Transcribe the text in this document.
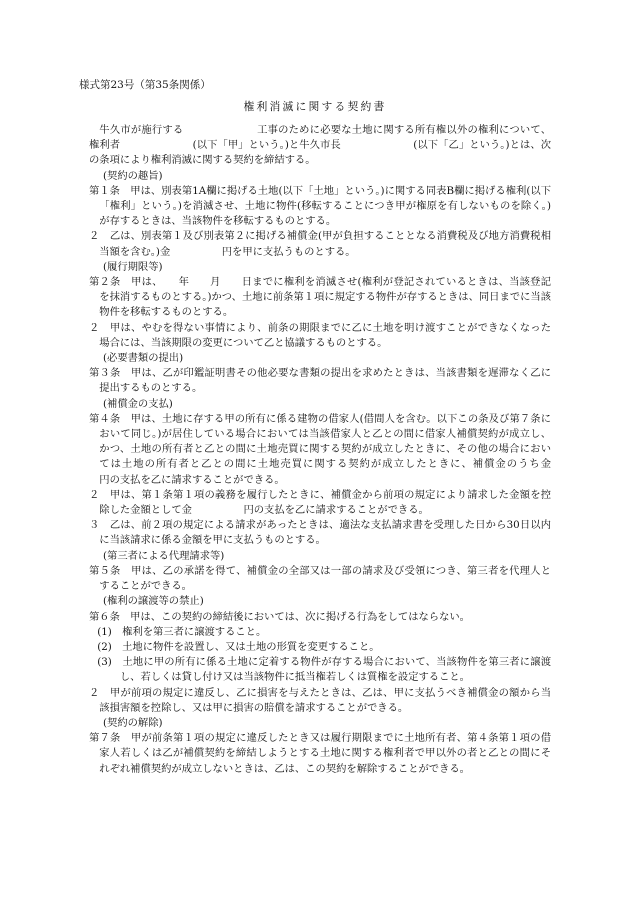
様式第23号（第35条関係）
権利消滅に関する契約書

牛久市が施行する　　　　　　　工事のために必要な土地に関する所有権以外の権利について、権利者　　　　　　　(以下「甲」という。)と牛久市長　　　　　　　(以下「乙」という。)とは、次の条項により権利消滅に関する契約を締結する。

(契約の趣旨)

第１条　甲は、別表第1A欄に掲げる土地(以下「土地」という。)に関する同表B欄に掲げる権利(以下「権利」という。)を消滅させ、土地に物件(移転することにつき甲が権原を有しないものを除く。)が存するときは、当該物件を移転するものとする。

２　乙は、別表第１及び別表第２に掲げる補償金(甲が負担することとなる消費税及び地方消費税相当額を含む。)金　　　　　円を甲に支払うものとする。

(履行期限等)

第２条　甲は、　　年　　月　　日までに権利を消滅させ(権利が登記されているときは、当該登記を抹消するものとする。)かつ、土地に前条第１項に規定する物件が存するときは、同日までに当該物件を移転するものとする。

２　甲は、やむを得ない事情により、前条の期限までに乙に土地を明け渡すことができなくなった場合には、当該期限の変更について乙と協議するものとする。

(必要書類の提出)

第３条　甲は、乙が印鑑証明書その他必要な書類の提出を求めたときは、当該書類を遅滞なく乙に提出するものとする。

(補償金の支払)

第４条　甲は、土地に存する甲の所有に係る建物の借家人(借間人を含む。以下この条及び第７条において同じ。)が居住している場合においては当該借家人と乙との間に借家人補償契約が成立し、かつ、土地の所有者と乙との間に土地売買に関する契約が成立したときに、その他の場合においては土地の所有者と乙との間に土地売買に関する契約が成立したときに、補償金のうち金　　　　　円の支払を乙に請求することができる。

２　甲は、第１条第１項の義務を履行したときに、補償金から前項の規定により請求した金額を控除した金額として金　　　　　円の支払を乙に請求することができる。

３　乙は、前２項の規定による請求があったときは、適法な支払請求書を受理した日から30日以内に当該請求に係る金額を甲に支払うものとする。

(第三者による代理請求等)

第５条　甲は、乙の承諾を得て、補償金の全部又は一部の請求及び受領につき、第三者を代理人とすることができる。

(権利の譲渡等の禁止)

第６条　甲は、この契約の締結後においては、次に掲げる行為をしてはならない。

(1)　権利を第三者に譲渡すること。

(2)　土地に物件を設置し、又は土地の形質を変更すること。

(3)　土地に甲の所有に係る土地に定着する物件が存する場合において、当該物件を第三者に譲渡し、若しくは貸し付け又は当該物件に抵当権若しくは質権を設定すること。

２　甲が前項の規定に違反し、乙に損害を与えたときは、乙は、甲に支払うべき補償金の額から当該損害額を控除し、又は甲に損害の賠償を請求することができる。

(契約の解除)

第７条　甲が前条第１項の規定に違反したとき又は履行期限までに土地所有者、第４条第１項の借家人若しくは乙が補償契約を締結しようとする土地に関する権利者で甲以外の者と乙との間にそれぞれ補償契約が成立しないときは、乙は、この契約を解除することができる。
